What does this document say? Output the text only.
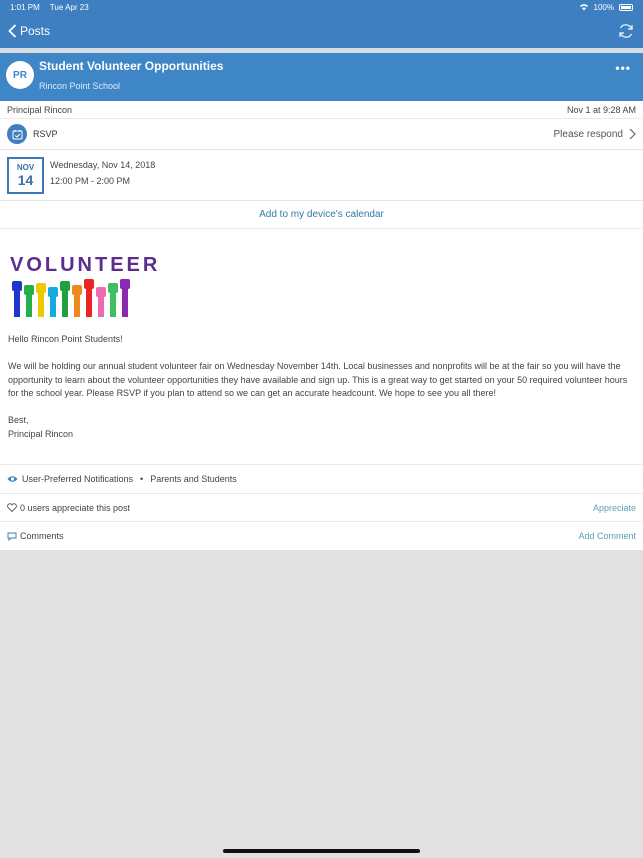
1:01 PM Tue Apr 23	100%
Posts
PR
Student Volunteer Opportunities
Rincon Point School
•••
Principal Rincon	Nov 1 at 9:28 AM
RSVP	Please respond
NOV
14
Wednesday, Nov 14, 2018
12:00 PM - 2:00 PM
Add to my device's calendar
VOLUNTEER

Hello Rincon Point Students!

We will be holding our annual student volunteer fair on Wednesday November 14th. Local businesses and nonprofits will be at the fair so you will have the opportunity to learn about the volunteer opportunities they have available and sign up. This is a great way to get started on your 50 required volunteer hours for the school year. Please RSVP if you plan to attend so we can get an accurate headcount. We hope to see you all there!

Best,
Principal Rincon
User-Preferred Notifications • Parents and Students
0 users appreciate this post	Appreciate
Comments	Add Comment
